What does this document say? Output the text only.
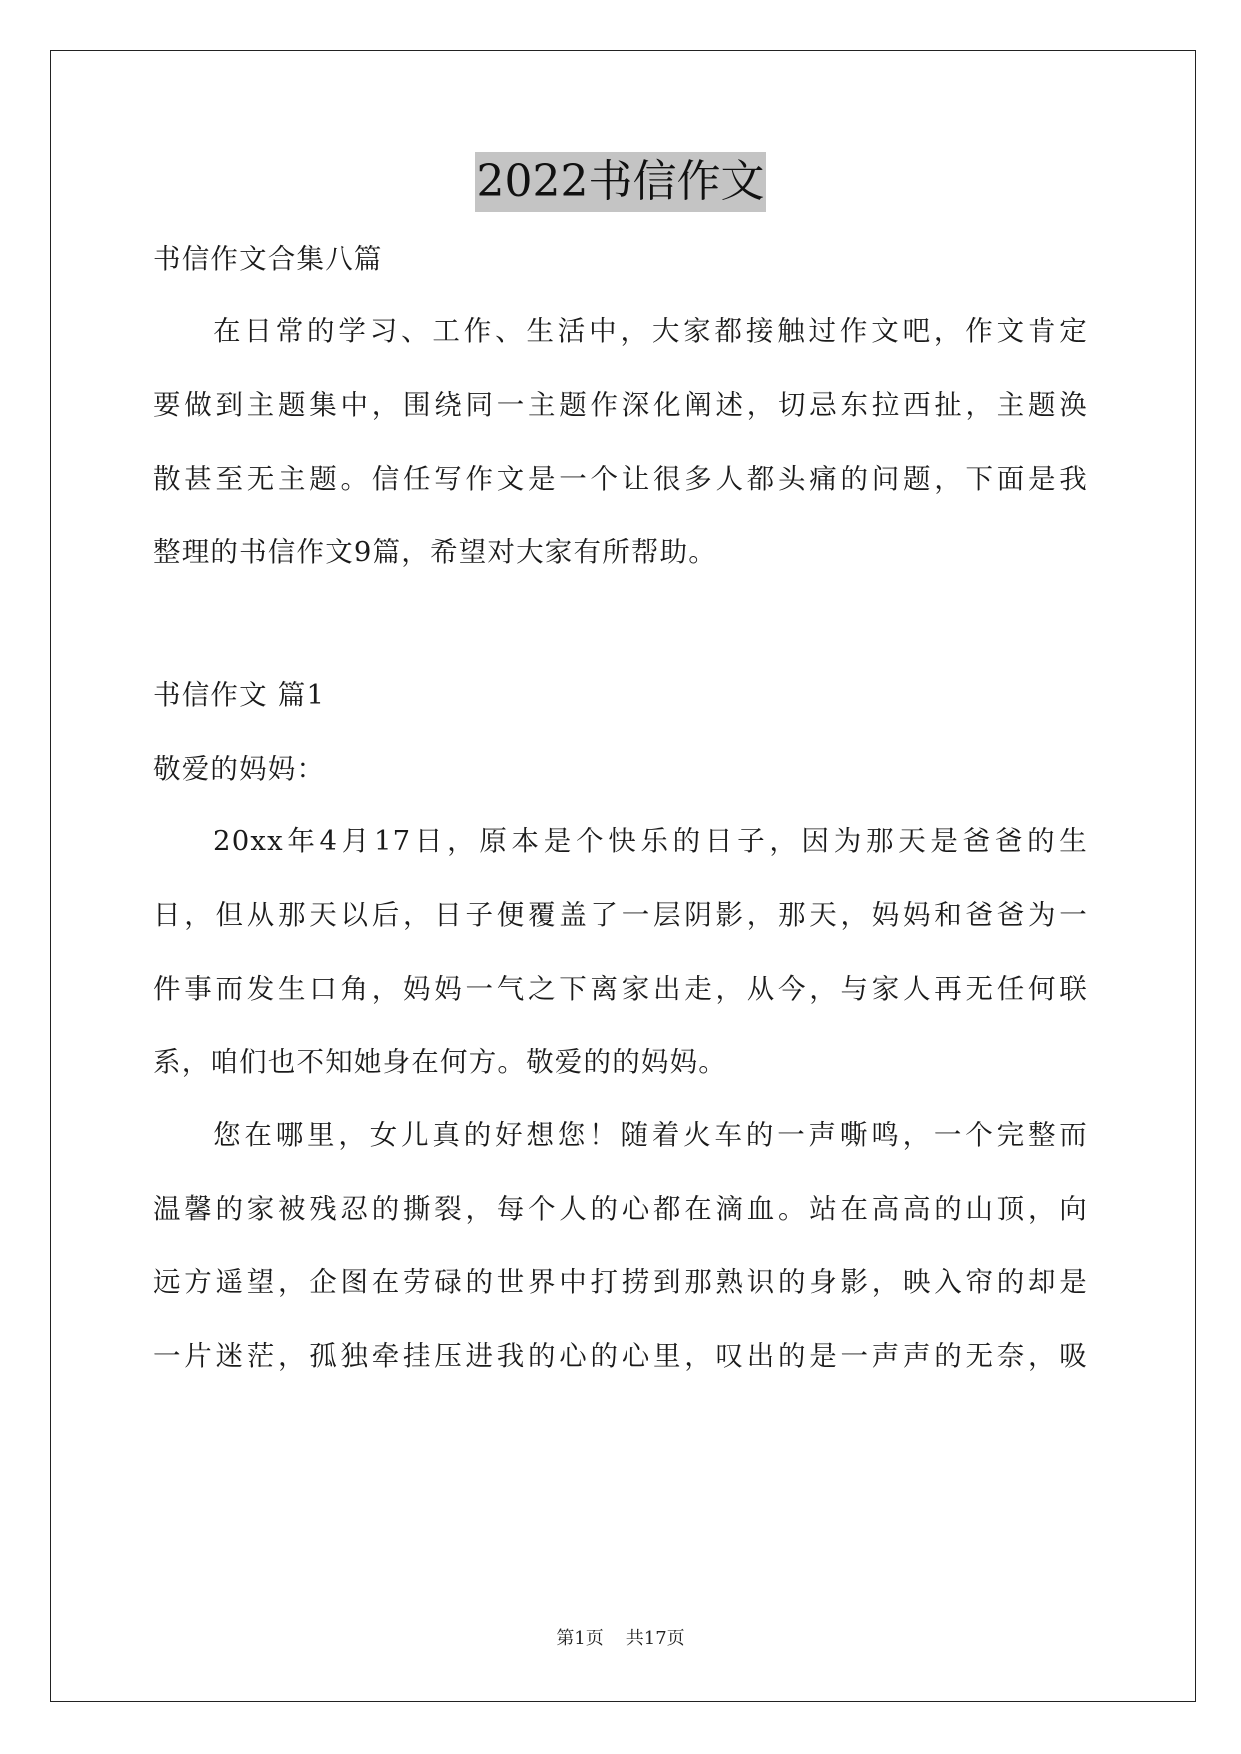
2022书信作文
书信作文合集八篇
在日常的学习、工作、生活中，大家都接触过作文吧，作文肯定
要做到主题集中，围绕同一主题作深化阐述，切忌东拉西扯，主题涣
散甚至无主题。信任写作文是一个让很多人都头痛的问题，下面是我
整理的书信作文9篇，希望对大家有所帮助。
书信作文 篇1
敬爱的妈妈：
20xx年4月17日，原本是个快乐的日子，因为那天是爸爸的生
日，但从那天以后，日子便覆盖了一层阴影，那天，妈妈和爸爸为一
件事而发生口角，妈妈一气之下离家出走，从今，与家人再无任何联
系，咱们也不知她身在何方。敬爱的的妈妈。
您在哪里，女儿真的好想您！随着火车的一声嘶鸣，一个完整而
温馨的家被残忍的撕裂，每个人的心都在滴血。站在高高的山顶，向
远方遥望，企图在劳碌的世界中打捞到那熟识的身影，映入帘的却是
一片迷茫，孤独牵挂压进我的心的心里，叹出的是一声声的无奈，吸
第1页 共17页
